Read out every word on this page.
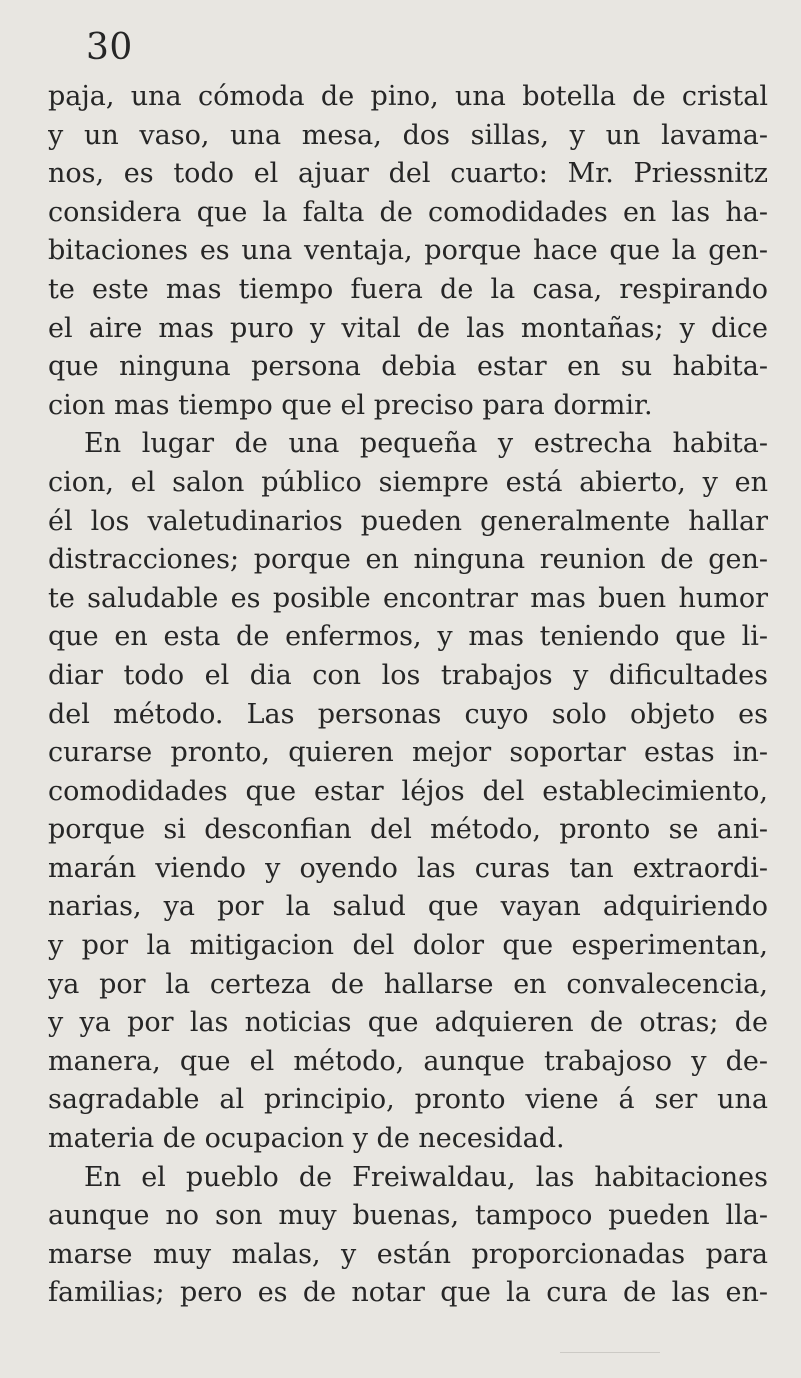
30
paja, una cómoda de pino, una botella de cristal
y un vaso, una mesa, dos sillas, y un lavama-
nos, es todo el ajuar del cuarto: Mr. Priessnitz
considera que la falta de comodidades en las ha-
bitaciones es una ventaja, porque hace que la gen-
te este mas tiempo fuera de la casa, respirando
el aire mas puro y vital de las montañas; y dice
que ninguna persona debia estar en su habita-
cion mas tiempo que el preciso para dormir.
En lugar de una pequeña y estrecha habita-
cion, el salon público siempre está abierto, y en
él los valetudinarios pueden generalmente hallar
distracciones; porque en ninguna reunion de gen-
te saludable es posible encontrar mas buen humor
que en esta de enfermos, y mas teniendo que li-
diar todo el dia con los trabajos y dificultades
del método. Las personas cuyo solo objeto es
curarse pronto, quieren mejor soportar estas in-
comodidades que estar léjos del establecimiento,
porque si desconfian del método, pronto se ani-
marán viendo y oyendo las curas tan extraordi-
narias, ya por la salud que vayan adquiriendo
y por la mitigacion del dolor que esperimentan,
ya por la certeza de hallarse en convalecencia,
y ya por las noticias que adquieren de otras; de
manera, que el método, aunque trabajoso y de-
sagradable al principio, pronto viene á ser una
materia de ocupacion y de necesidad.
En el pueblo de Freiwaldau, las habitaciones
aunque no son muy buenas, tampoco pueden lla-
marse muy malas, y están proporcionadas para
familias; pero es de notar que la cura de las en-
